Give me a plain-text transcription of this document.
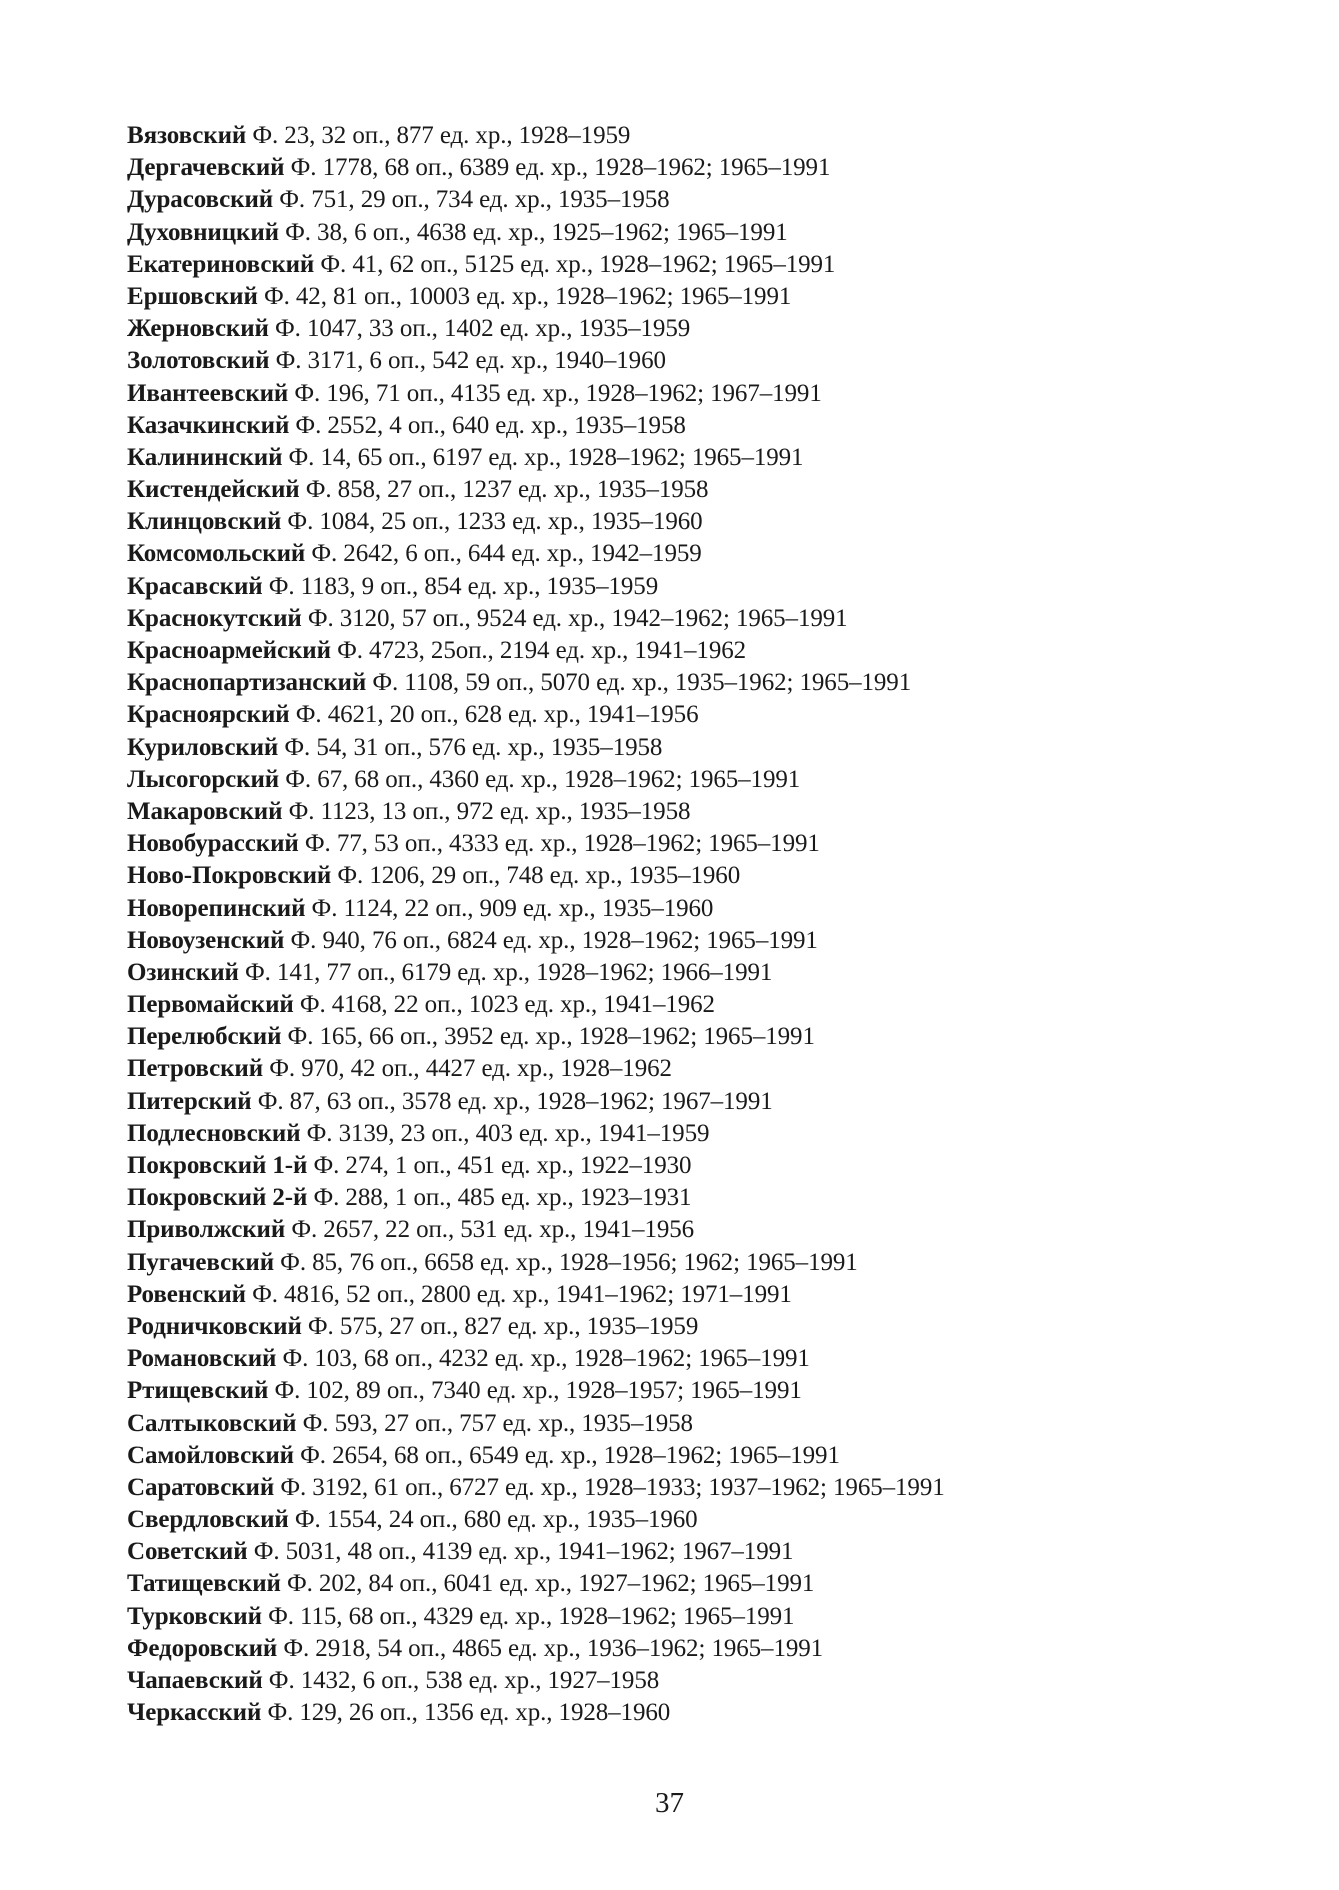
Вязовский Ф. 23, 32 оп., 877 ед. хр., 1928–1959
Дергачевский Ф. 1778, 68 оп., 6389 ед. хр., 1928–1962; 1965–1991
Дурасовский Ф. 751, 29 оп., 734 ед. хр., 1935–1958
Духовницкий Ф. 38, 6 оп., 4638 ед. хр., 1925–1962; 1965–1991
Екатериновский Ф. 41, 62 оп., 5125 ед. хр., 1928–1962; 1965–1991
Ершовский Ф. 42, 81 оп., 10003 ед. хр., 1928–1962; 1965–1991
Жерновский Ф. 1047, 33 оп., 1402 ед. хр., 1935–1959
Золотовский Ф. 3171, 6 оп., 542 ед. хр., 1940–1960
Ивантеевский Ф. 196, 71 оп., 4135 ед. хр., 1928–1962; 1967–1991
Казачкинский Ф. 2552, 4 оп., 640 ед. хр., 1935–1958
Калининский Ф. 14, 65 оп., 6197 ед. хр., 1928–1962; 1965–1991
Кистендейский Ф. 858, 27 оп., 1237 ед. хр., 1935–1958
Клинцовский Ф. 1084, 25 оп., 1233 ед. хр., 1935–1960
Комсомольский Ф. 2642, 6 оп., 644 ед. хр., 1942–1959
Красавский Ф. 1183, 9 оп., 854 ед. хр., 1935–1959
Краснокутский Ф. 3120, 57 оп., 9524 ед. хр., 1942–1962; 1965–1991
Красноармейский Ф. 4723, 25оп., 2194 ед. хр., 1941–1962
Краснопартизанский Ф. 1108, 59 оп., 5070 ед. хр., 1935–1962; 1965–1991
Красноярский Ф. 4621, 20 оп., 628 ед. хр., 1941–1956
Куриловский Ф. 54, 31 оп., 576 ед. хр., 1935–1958
Лысогорский Ф. 67, 68 оп., 4360 ед. хр., 1928–1962; 1965–1991
Макаровский Ф. 1123, 13 оп., 972 ед. хр., 1935–1958
Новобурасский Ф. 77, 53 оп., 4333 ед. хр., 1928–1962; 1965–1991
Ново-Покровский Ф. 1206, 29 оп., 748 ед. хр., 1935–1960
Новорепинский Ф. 1124, 22 оп., 909 ед. хр., 1935–1960
Новоузенский Ф. 940, 76 оп., 6824 ед. хр., 1928–1962; 1965–1991
Озинский Ф. 141, 77 оп., 6179 ед. хр., 1928–1962; 1966–1991
Первомайский Ф. 4168, 22 оп., 1023 ед. хр., 1941–1962
Перелюбский Ф. 165, 66 оп., 3952 ед. хр., 1928–1962; 1965–1991
Петровский Ф. 970, 42 оп., 4427 ед. хр., 1928–1962
Питерский Ф. 87, 63 оп., 3578 ед. хр., 1928–1962; 1967–1991
Подлесновский Ф. 3139, 23 оп., 403 ед. хр., 1941–1959
Покровский 1-й Ф. 274, 1 оп., 451 ед. хр., 1922–1930
Покровский 2-й Ф. 288, 1 оп., 485 ед. хр., 1923–1931
Приволжский Ф. 2657, 22 оп., 531 ед. хр., 1941–1956
Пугачевский Ф. 85, 76 оп., 6658 ед. хр., 1928–1956; 1962; 1965–1991
Ровенский Ф. 4816, 52 оп., 2800 ед. хр., 1941–1962; 1971–1991
Родничковский Ф. 575, 27 оп., 827 ед. хр., 1935–1959
Романовский Ф. 103, 68 оп., 4232 ед. хр., 1928–1962; 1965–1991
Ртищевский Ф. 102, 89 оп., 7340 ед. хр., 1928–1957; 1965–1991
Салтыковский Ф. 593, 27 оп., 757 ед. хр., 1935–1958
Самойловский Ф. 2654, 68 оп., 6549 ед. хр., 1928–1962; 1965–1991
Саратовский Ф. 3192, 61 оп., 6727 ед. хр., 1928–1933; 1937–1962; 1965–1991
Свердловский Ф. 1554, 24 оп., 680 ед. хр., 1935–1960
Советский Ф. 5031, 48 оп., 4139 ед. хр., 1941–1962; 1967–1991
Татищевский Ф. 202, 84 оп., 6041 ед. хр., 1927–1962; 1965–1991
Турковский Ф. 115, 68 оп., 4329 ед. хр., 1928–1962; 1965–1991
Федоровский Ф. 2918, 54 оп., 4865 ед. хр., 1936–1962; 1965–1991
Чапаевский Ф. 1432, 6 оп., 538 ед. хр., 1927–1958
Черкасский Ф. 129, 26 оп., 1356 ед. хр., 1928–1960
37
